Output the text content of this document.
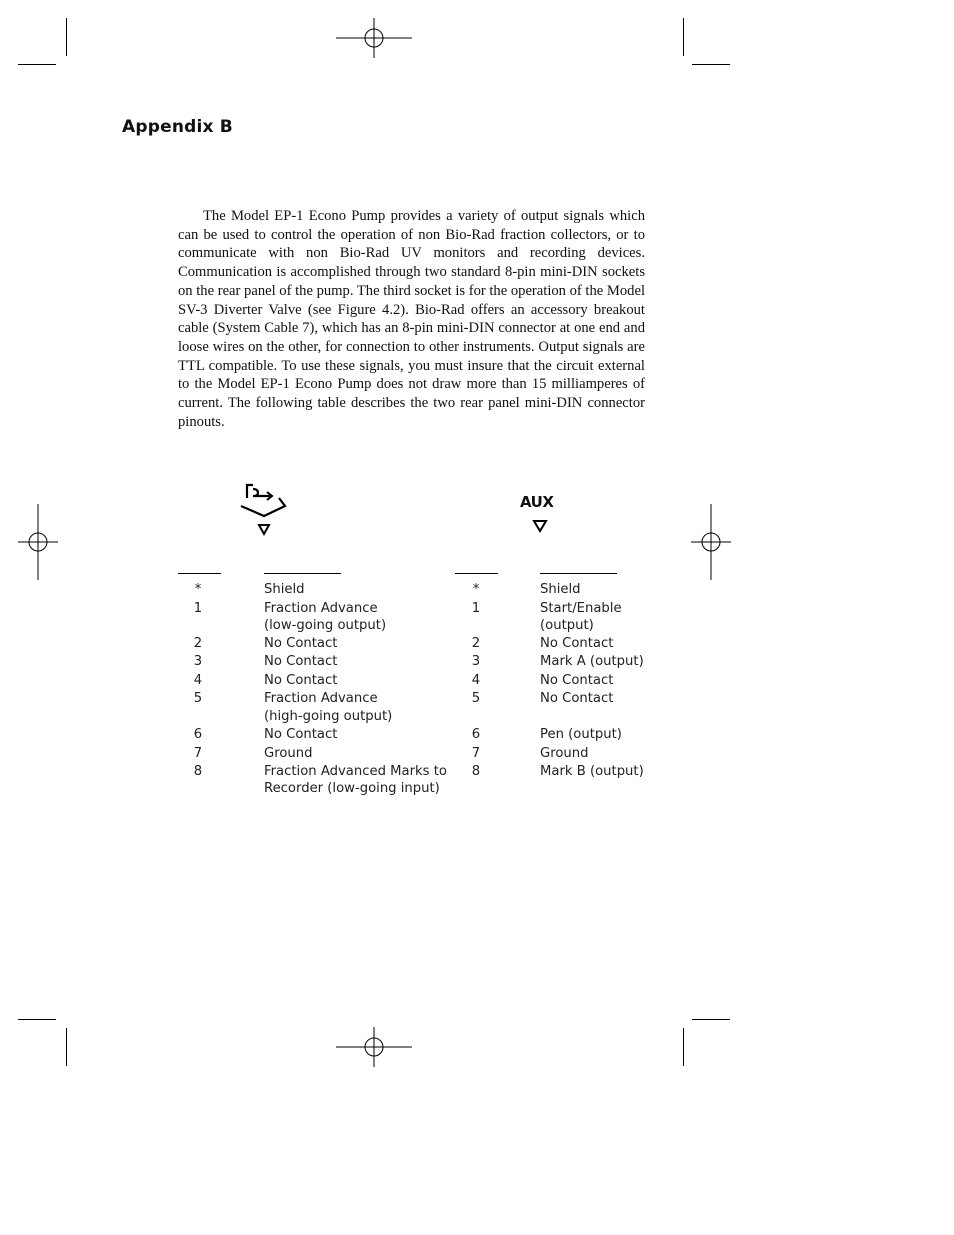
Appendix B

The Model EP-1 Econo Pump provides a variety of output signals which can be used to control the operation of non Bio-Rad fraction collectors, or to communicate with non Bio-Rad UV monitors and recording devices. Communication is accomplished through two standard 8-pin mini-DIN sockets on the rear panel of the pump. The third socket is for the operation of the Model SV-3 Diverter Valve (see Figure 4.2). Bio-Rad offers an accessory breakout cable (System Cable 7), which has an 8-pin mini-DIN connector at one end and loose wires on the other, for connection to other instruments. Output signals are TTL compatible. To use these signals, you must insure that the circuit external to the Model EP-1 Econo Pump does not draw more than 15 milliamperes of current. The following table describes the two rear panel mini-DIN connector pinouts.

AUX
*	Shield
1	Fraction Advance
(low-going output)
2	No Contact
3	No Contact
4	No Contact
5	Fraction Advance
(high-going output)
6	No Contact
7	Ground
8	Fraction Advanced Marks to
Recorder (low-going input)
*	Shield
1	Start/Enable
(output)
2	No Contact
3	Mark A (output)
4	No Contact
5	No Contact
6	Pen (output)
7	Ground
8	Mark B (output)
